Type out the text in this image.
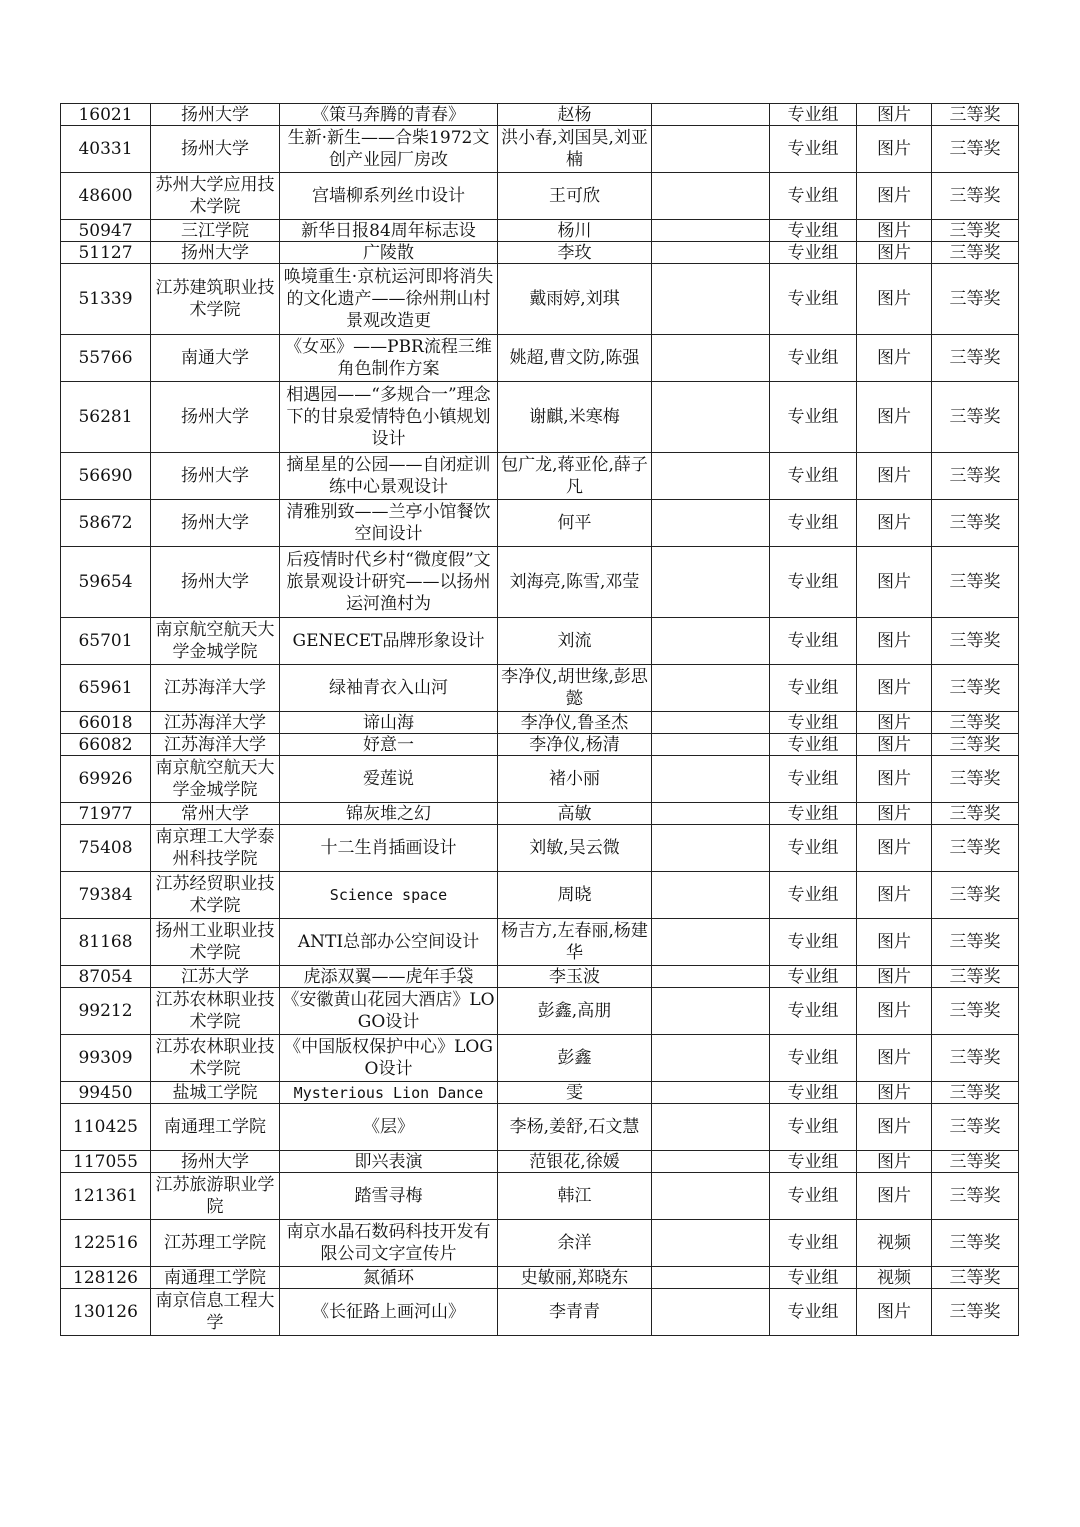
16021	扬州大学	《策马奔腾的青春》	赵杨		专业组	图片	三等奖
40331	扬州大学	生新·新生——合柴1972文创产业园厂房改	洪小春,刘国昊,刘亚楠		专业组	图片	三等奖
48600	苏州大学应用技术学院	宫墙柳系列丝巾设计	王可欣		专业组	图片	三等奖
50947	三江学院	新华日报84周年标志设	杨川		专业组	图片	三等奖
51127	扬州大学	广陵散	李玫		专业组	图片	三等奖
51339	江苏建筑职业技术学院	唤境重生·京杭运河即将消失的文化遗产——徐州荆山村景观改造更	戴雨婷,刘琪		专业组	图片	三等奖
55766	南通大学	《女巫》——PBR流程三维角色制作方案	姚超,曹文防,陈强		专业组	图片	三等奖
56281	扬州大学	相遇园——“多规合一”理念下的甘泉爱情特色小镇规划设计	谢麒,米寒梅		专业组	图片	三等奖
56690	扬州大学	摘星星的公园——自闭症训练中心景观设计	包广龙,蒋亚伦,薛子凡		专业组	图片	三等奖
58672	扬州大学	清雅别致——兰亭小馆餐饮空间设计	何平		专业组	图片	三等奖
59654	扬州大学	后疫情时代乡村“微度假”文旅景观设计研究——以扬州运河渔村为	刘海亮,陈雪,邓莹		专业组	图片	三等奖
65701	南京航空航天大学金城学院	GENECET品牌形象设计	刘流		专业组	图片	三等奖
65961	江苏海洋大学	绿袖青衣入山河	李净仪,胡世缘,彭思懿		专业组	图片	三等奖
66018	江苏海洋大学	谛山海	李净仪,鲁圣杰		专业组	图片	三等奖
66082	江苏海洋大学	妤意一	李净仪,杨清		专业组	图片	三等奖
69926	南京航空航天大学金城学院	爱莲说	褚小丽		专业组	图片	三等奖
71977	常州大学	锦灰堆之幻	高敏		专业组	图片	三等奖
75408	南京理工大学泰州科技学院	十二生肖插画设计	刘敏,吴云微		专业组	图片	三等奖
79384	江苏经贸职业技术学院	Science space	周晓		专业组	图片	三等奖
81168	扬州工业职业技术学院	ANTI总部办公空间设计	杨吉方,左春丽,杨建华		专业组	图片	三等奖
87054	江苏大学	虎添双翼——虎年手袋	李玉波		专业组	图片	三等奖
99212	江苏农林职业技术学院	《安徽黄山花园大酒店》LOGO设计	彭鑫,高朋		专业组	图片	三等奖
99309	江苏农林职业技术学院	《中国版权保护中心》LOGO设计	彭鑫		专业组	图片	三等奖
99450	盐城工学院	Mysterious Lion Dance	雯		专业组	图片	三等奖
110425	南通理工学院	《层》	李杨,姜舒,石文慧		专业组	图片	三等奖
117055	扬州大学	即兴表演	范银花,徐媛		专业组	图片	三等奖
121361	江苏旅游职业学院	踏雪寻梅	韩江		专业组	图片	三等奖
122516	江苏理工学院	南京水晶石数码科技开发有限公司文字宣传片	余洋		专业组	视频	三等奖
128126	南通理工学院	氮循环	史敏丽,郑晓东		专业组	视频	三等奖
130126	南京信息工程大学	《长征路上画河山》	李青青		专业组	图片	三等奖
